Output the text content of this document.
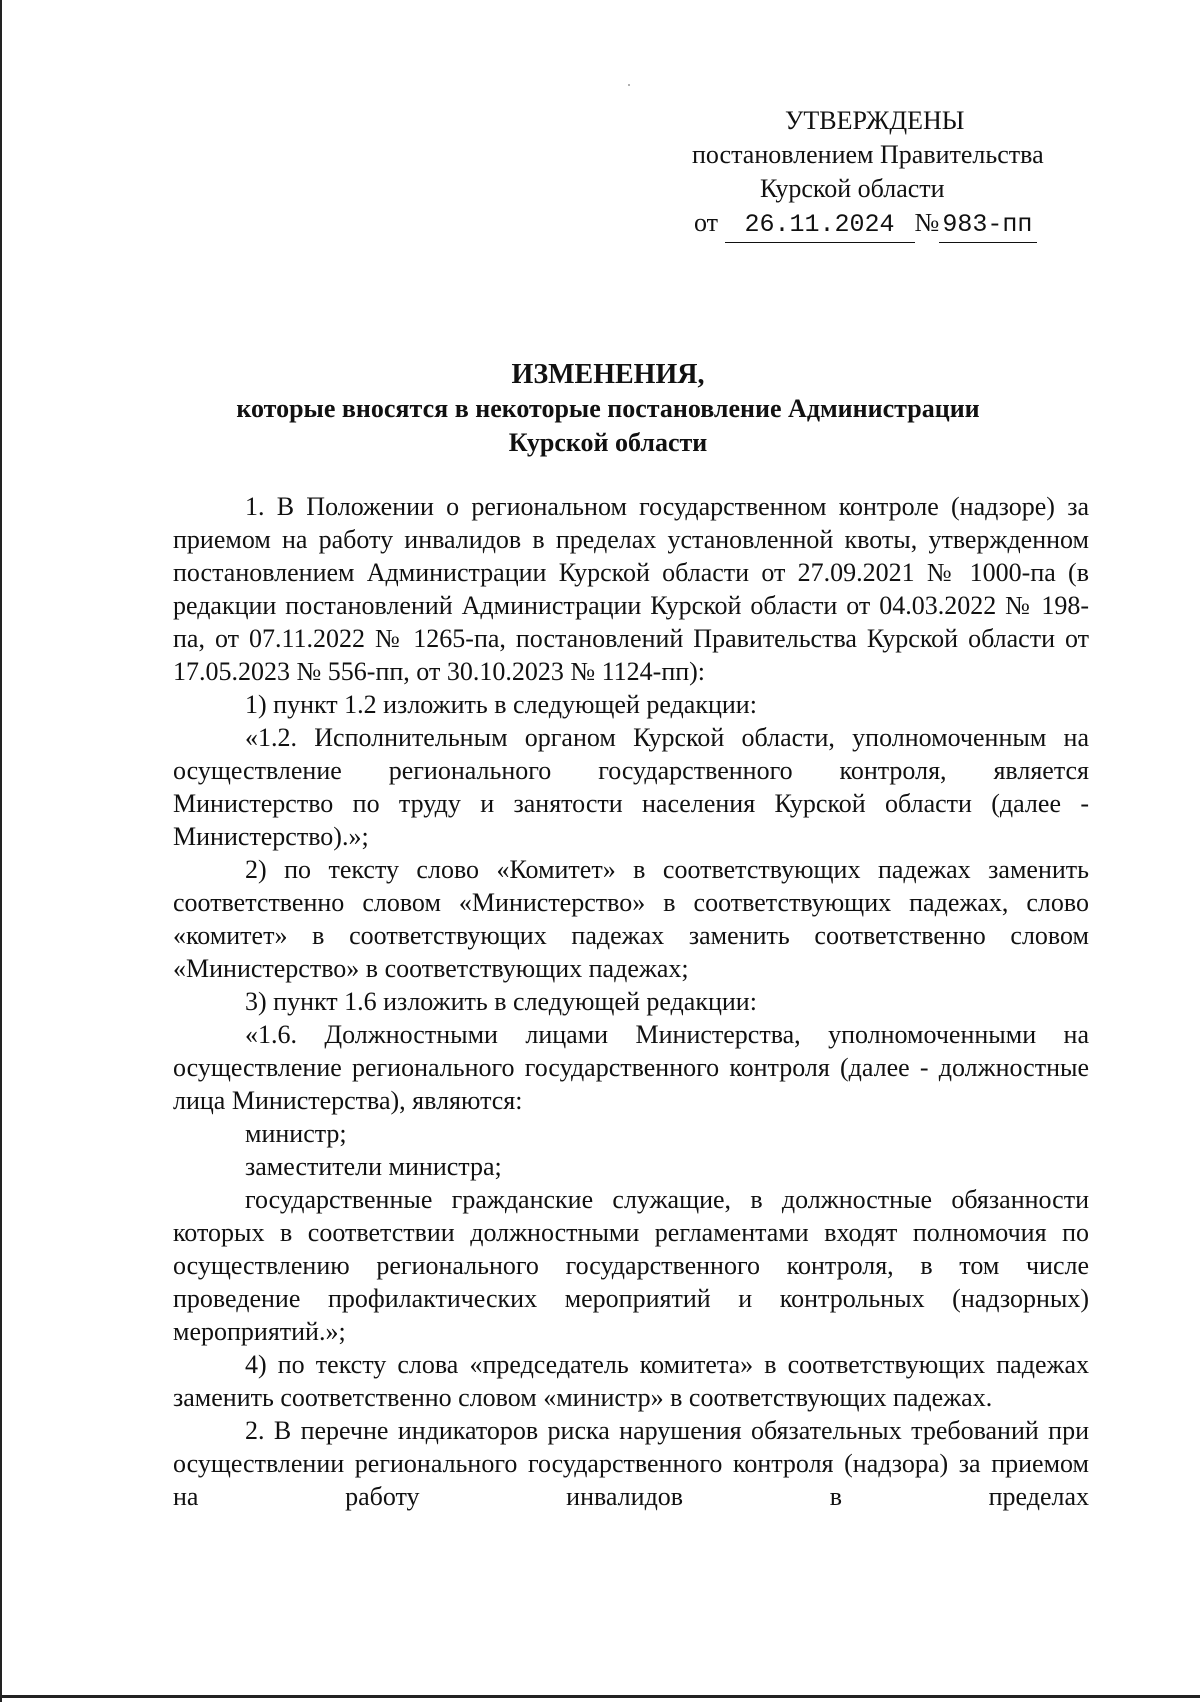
УТВЕРЖДЕНЫ
постановлением Правительства
Курской области
от 26.11.2024 № 983-пп
ИЗМЕНЕНИЯ,
которые вносятся в некоторые постановление Администрации
Курской области

1. В Положении о региональном государственном контроле (надзоре) за приемом на работу инвалидов в пределах установленной квоты, утвержденном постановлением Администрации Курской области от 27.09.2021 № 1000-па (в редакции постановлений Администрации Курской области от 04.03.2022 № 198-па, от 07.11.2022 № 1265-па, постановлений Правительства Курской области от 17.05.2023 № 556-пп, от 30.10.2023 № 1124-пп):

1) пункт 1.2 изложить в следующей редакции:

«1.2. Исполнительным органом Курской области, уполномоченным на осуществление регионального государственного контроля, является Министерство по труду и занятости населения Курской области (далее - Министерство).»;

2) по тексту слово «Комитет» в соответствующих падежах заменить соответственно словом «Министерство» в соответствующих падежах, слово «комитет» в соответствующих падежах заменить соответственно словом «Министерство» в соответствующих падежах;

3) пункт 1.6 изложить в следующей редакции:

«1.6. Должностными лицами Министерства, уполномоченными на осуществление регионального государственного контроля (далее - должностные лица Министерства), являются:

министр;

заместители министра;

государственные гражданские служащие, в должностные обязанности которых в соответствии должностными регламентами входят полномочия по осуществлению регионального государственного контроля, в том числе проведение профилактических мероприятий и контрольных (надзорных) мероприятий.»;

4) по тексту слова «председатель комитета» в соответствующих падежах заменить соответственно словом «министр» в соответствующих падежах.

2. В перечне индикаторов риска нарушения обязательных требований при осуществлении регионального государственного контроля (надзора) за приемом на работу инвалидов в пределах
